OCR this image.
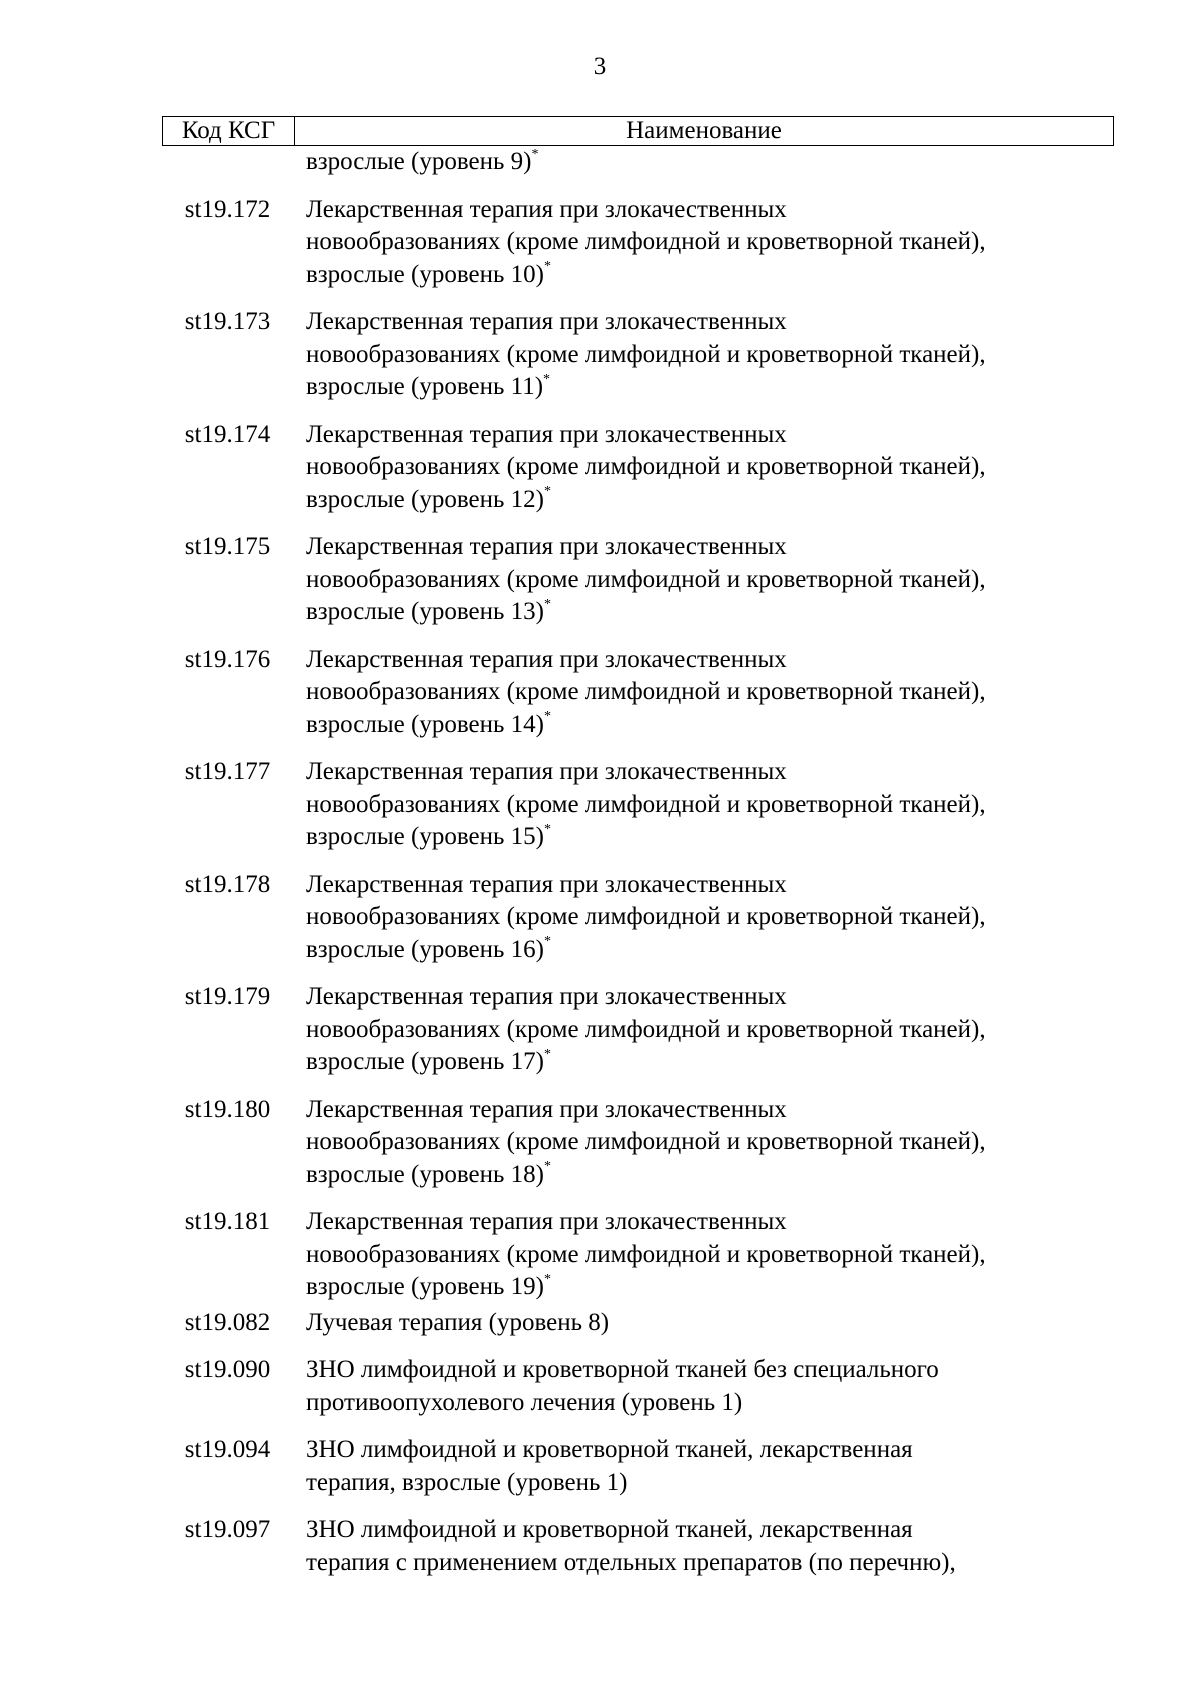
3
Код КСГ	Наименование
взрослые (уровень 9)*
st19.172	Лекарственная терапия при злокачественных
новообразованиях (кроме лимфоидной и кроветворной тканей),
взрослые (уровень 10)*
st19.173	Лекарственная терапия при злокачественных
новообразованиях (кроме лимфоидной и кроветворной тканей),
взрослые (уровень 11)*
st19.174	Лекарственная терапия при злокачественных
новообразованиях (кроме лимфоидной и кроветворной тканей),
взрослые (уровень 12)*
st19.175	Лекарственная терапия при злокачественных
новообразованиях (кроме лимфоидной и кроветворной тканей),
взрослые (уровень 13)*
st19.176	Лекарственная терапия при злокачественных
новообразованиях (кроме лимфоидной и кроветворной тканей),
взрослые (уровень 14)*
st19.177	Лекарственная терапия при злокачественных
новообразованиях (кроме лимфоидной и кроветворной тканей),
взрослые (уровень 15)*
st19.178	Лекарственная терапия при злокачественных
новообразованиях (кроме лимфоидной и кроветворной тканей),
взрослые (уровень 16)*
st19.179	Лекарственная терапия при злокачественных
новообразованиях (кроме лимфоидной и кроветворной тканей),
взрослые (уровень 17)*
st19.180	Лекарственная терапия при злокачественных
новообразованиях (кроме лимфоидной и кроветворной тканей),
взрослые (уровень 18)*
st19.181	Лекарственная терапия при злокачественных
новообразованиях (кроме лимфоидной и кроветворной тканей),
взрослые (уровень 19)*
st19.082	Лучевая терапия (уровень 8)
st19.090	ЗНО лимфоидной и кроветворной тканей без специального
противоопухолевого лечения (уровень 1)
st19.094	ЗНО лимфоидной и кроветворной тканей, лекарственная
терапия, взрослые (уровень 1)
st19.097	ЗНО лимфоидной и кроветворной тканей, лекарственная
терапия с применением отдельных препаратов (по перечню),
